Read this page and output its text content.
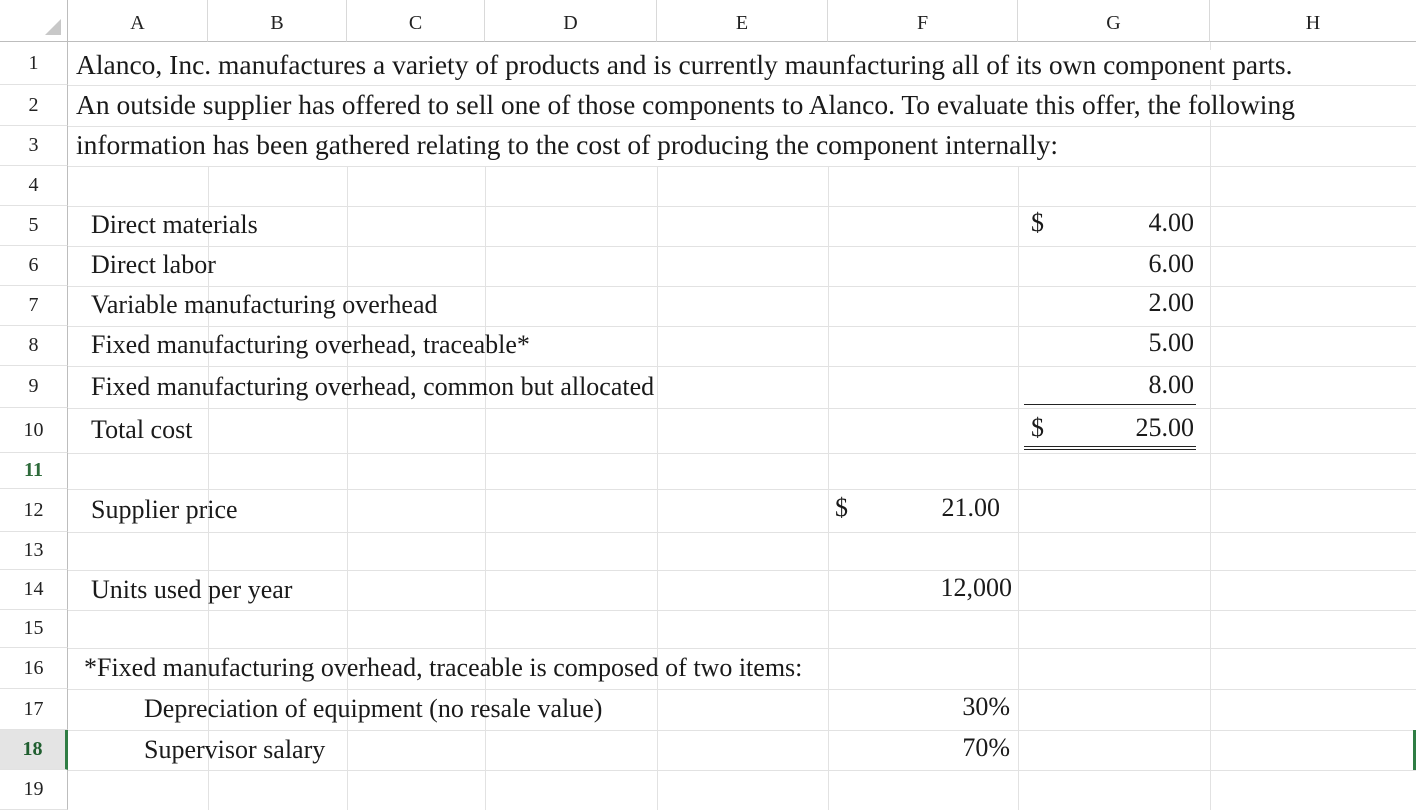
A	B	C	D	E	F	G	H
1
2
3
4
5
6
7
8
9
10
11
12
13
14
15
16
17
18
19
Alanco, Inc. manufactures a variety of products and is currently maunfacturing all of its own component parts.
An outside supplier has offered to sell one of those components to Alanco. To evaluate this offer, the following
information has been gathered relating to the cost of producing the component internally:
Direct materials	$	4.00
Direct labor	6.00
Variable manufacturing overhead	2.00
Fixed manufacturing overhead, traceable*	5.00
Fixed manufacturing overhead, common but allocated	8.00
Total cost	$	25.00
Supplier price	$	21.00
Units used per year	12,000
*Fixed manufacturing overhead, traceable is composed of two items:
Depreciation of equipment (no resale value)	30%
Supervisor salary	70%
